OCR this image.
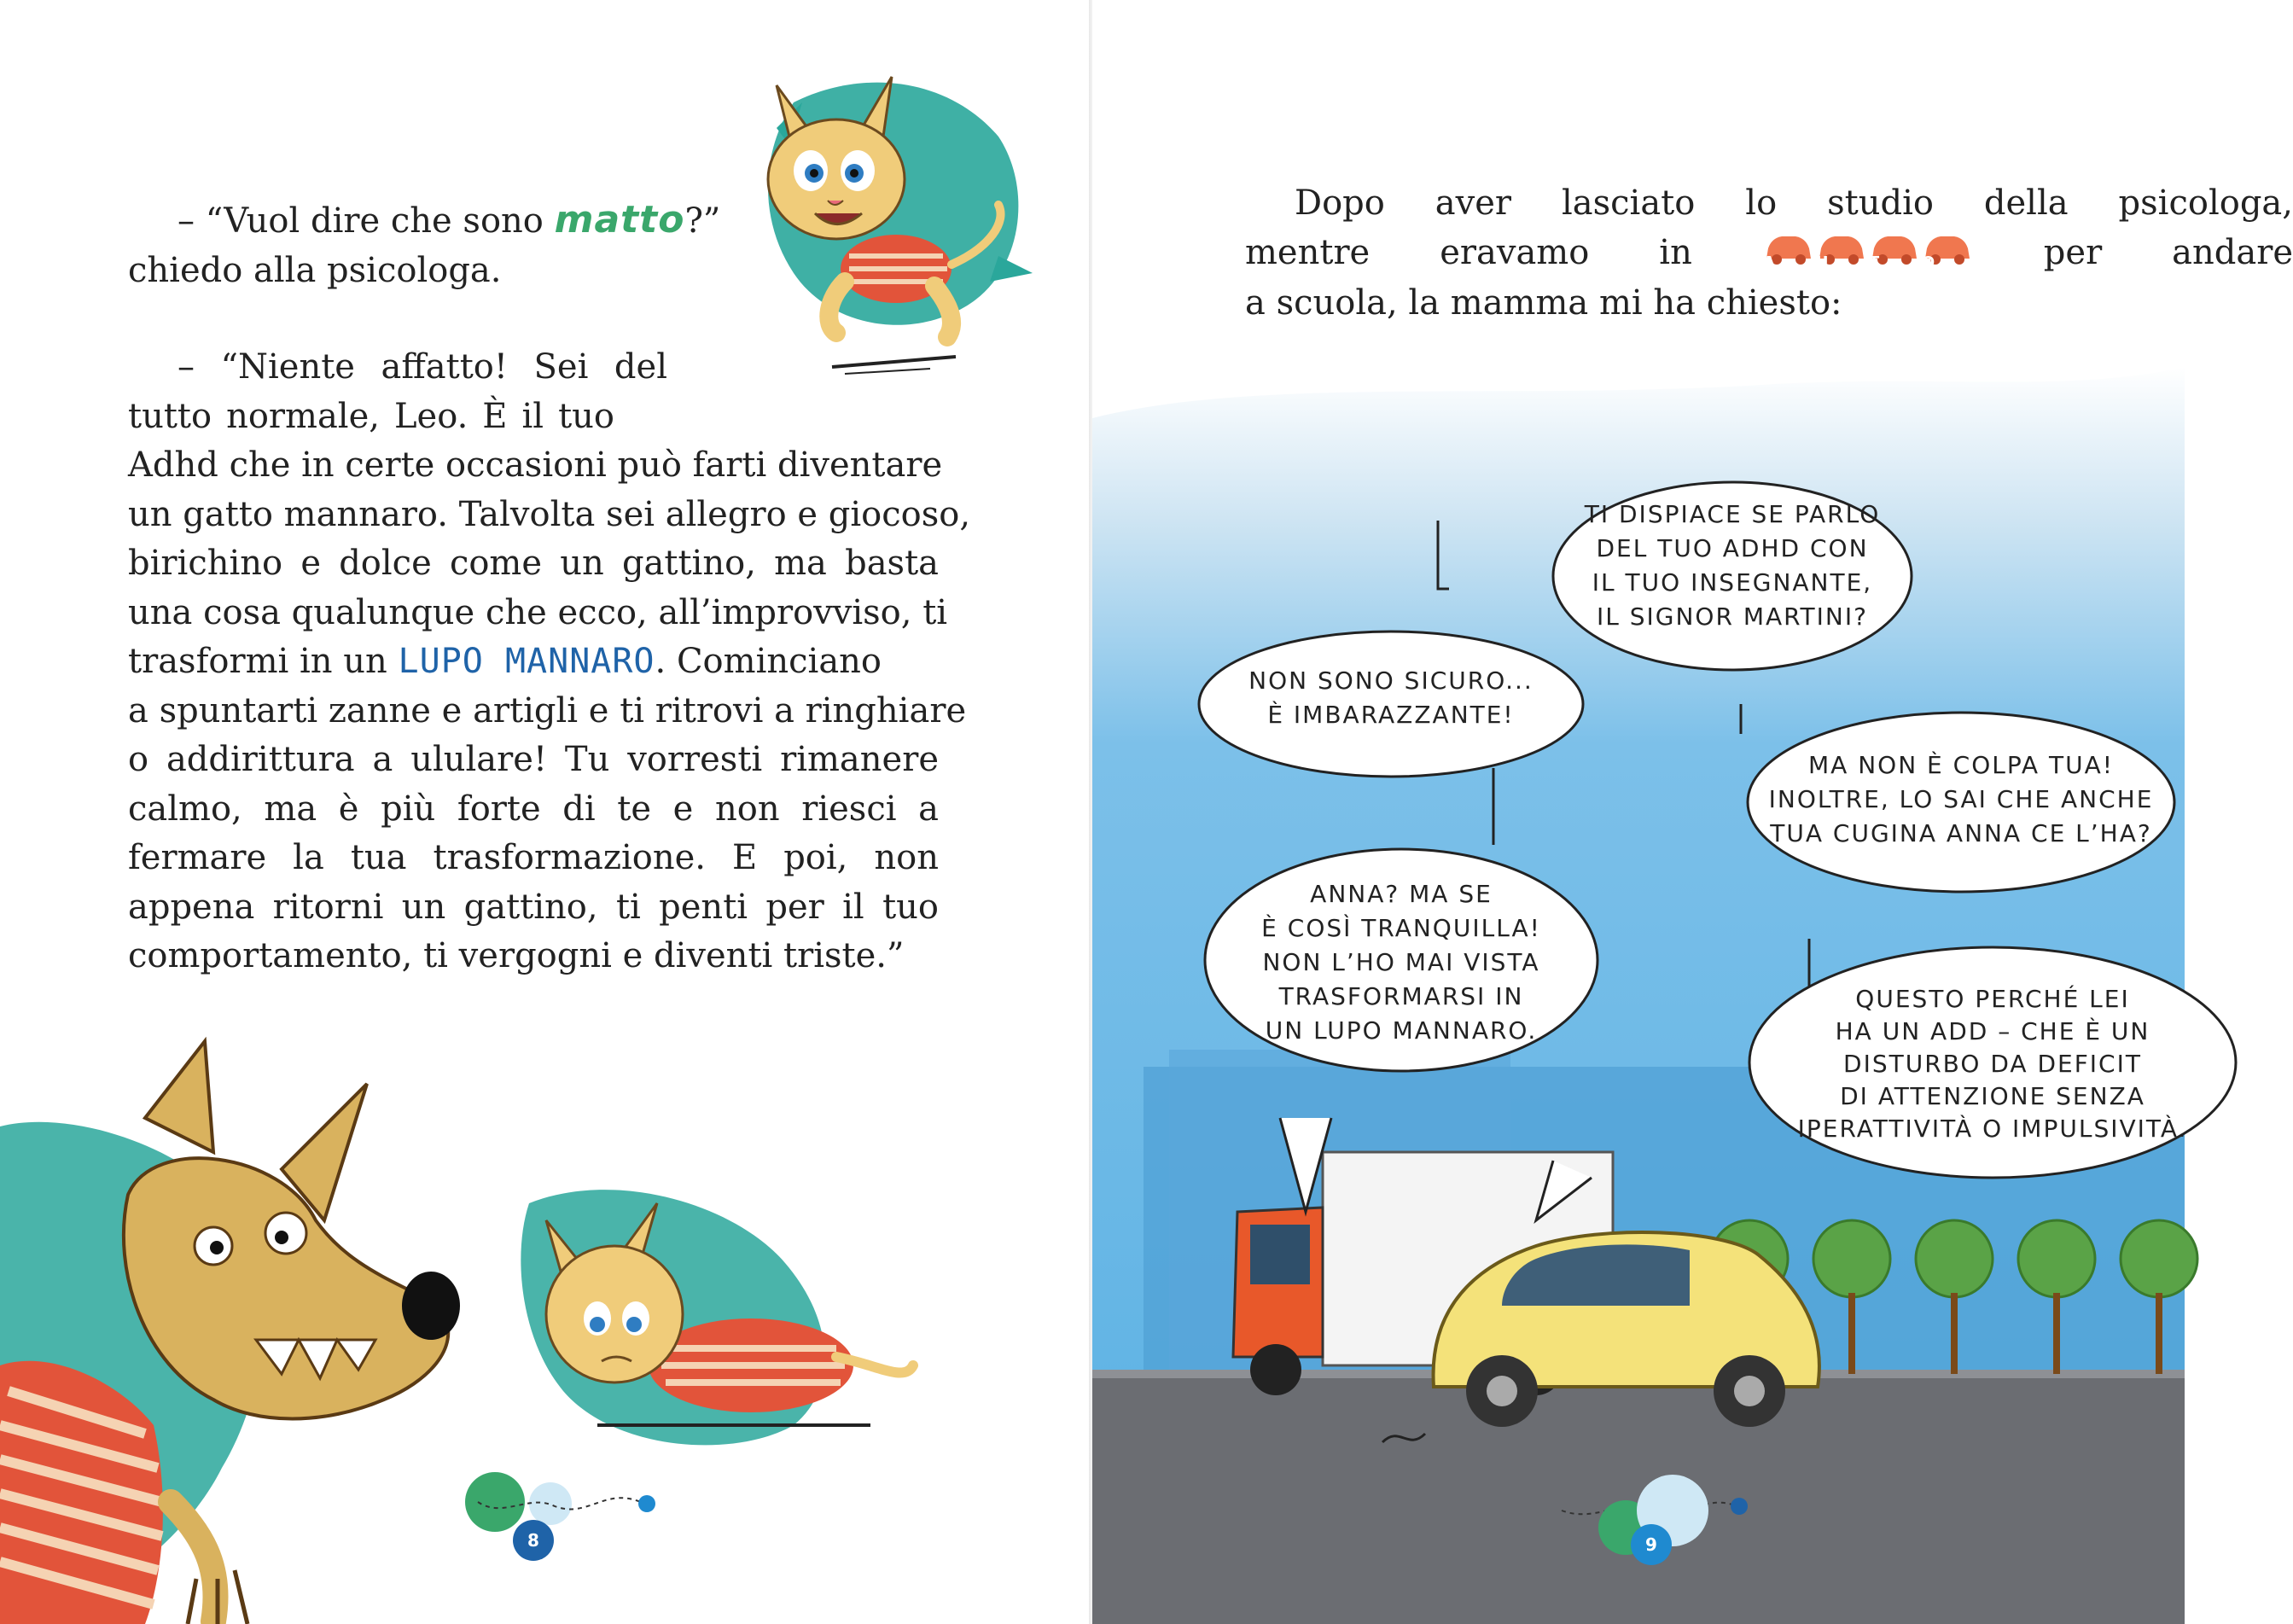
– “Vuol dire che sono matto?”
chiedo alla psicologa.
– “Niente affatto! Sei del
tutto normale, Leo. È il tuo
Adhd che in certe occasioni può farti diventare
un gatto mannaro. Talvolta sei allegro e giocoso,
birichino e dolce come un gattino, ma basta
una cosa qualunque che ecco, all’improvviso, ti
trasformi in un LUPO MANNARO. Cominciano
a spuntarti zanne e artigli e ti ritrovi a ringhiare
o addirittura a ululare! Tu vorresti rimanere
calmo, ma è più forte di te e non riesci a
fermare la tua trasformazione. E poi, non
appena ritorni un gattino, ti penti per il tuo
comportamento, ti vergogni e diventi triste.”
8
Dopo aver lasciato lo studio della psicologa,
mentre eravamo in	A	U	T	O	per andare
a scuola, la mamma mi ha chiesto:
TI DISPIACE SE PARLO DEL TUO ADHD CON IL TUO INSEGNANTE, IL SIGNOR MARTINI?
NON SONO SICURO... È IMBARAZZANTE!
MA NON È COLPA TUA! INOLTRE, LO SAI CHE ANCHE TUA CUGINA ANNA CE L’HA?
ANNA? MA SE È COSÌ TRANQUILLA! NON L’HO MAI VISTA TRASFORMARSI IN UN LUPO MANNARO.
QUESTO PERCHÉ LEI HA UN ADD – CHE È UN DISTURBO DA DEFICIT DI ATTENZIONE SENZA IPERATTIVITÀ O IMPULSIVITÀ.
9
